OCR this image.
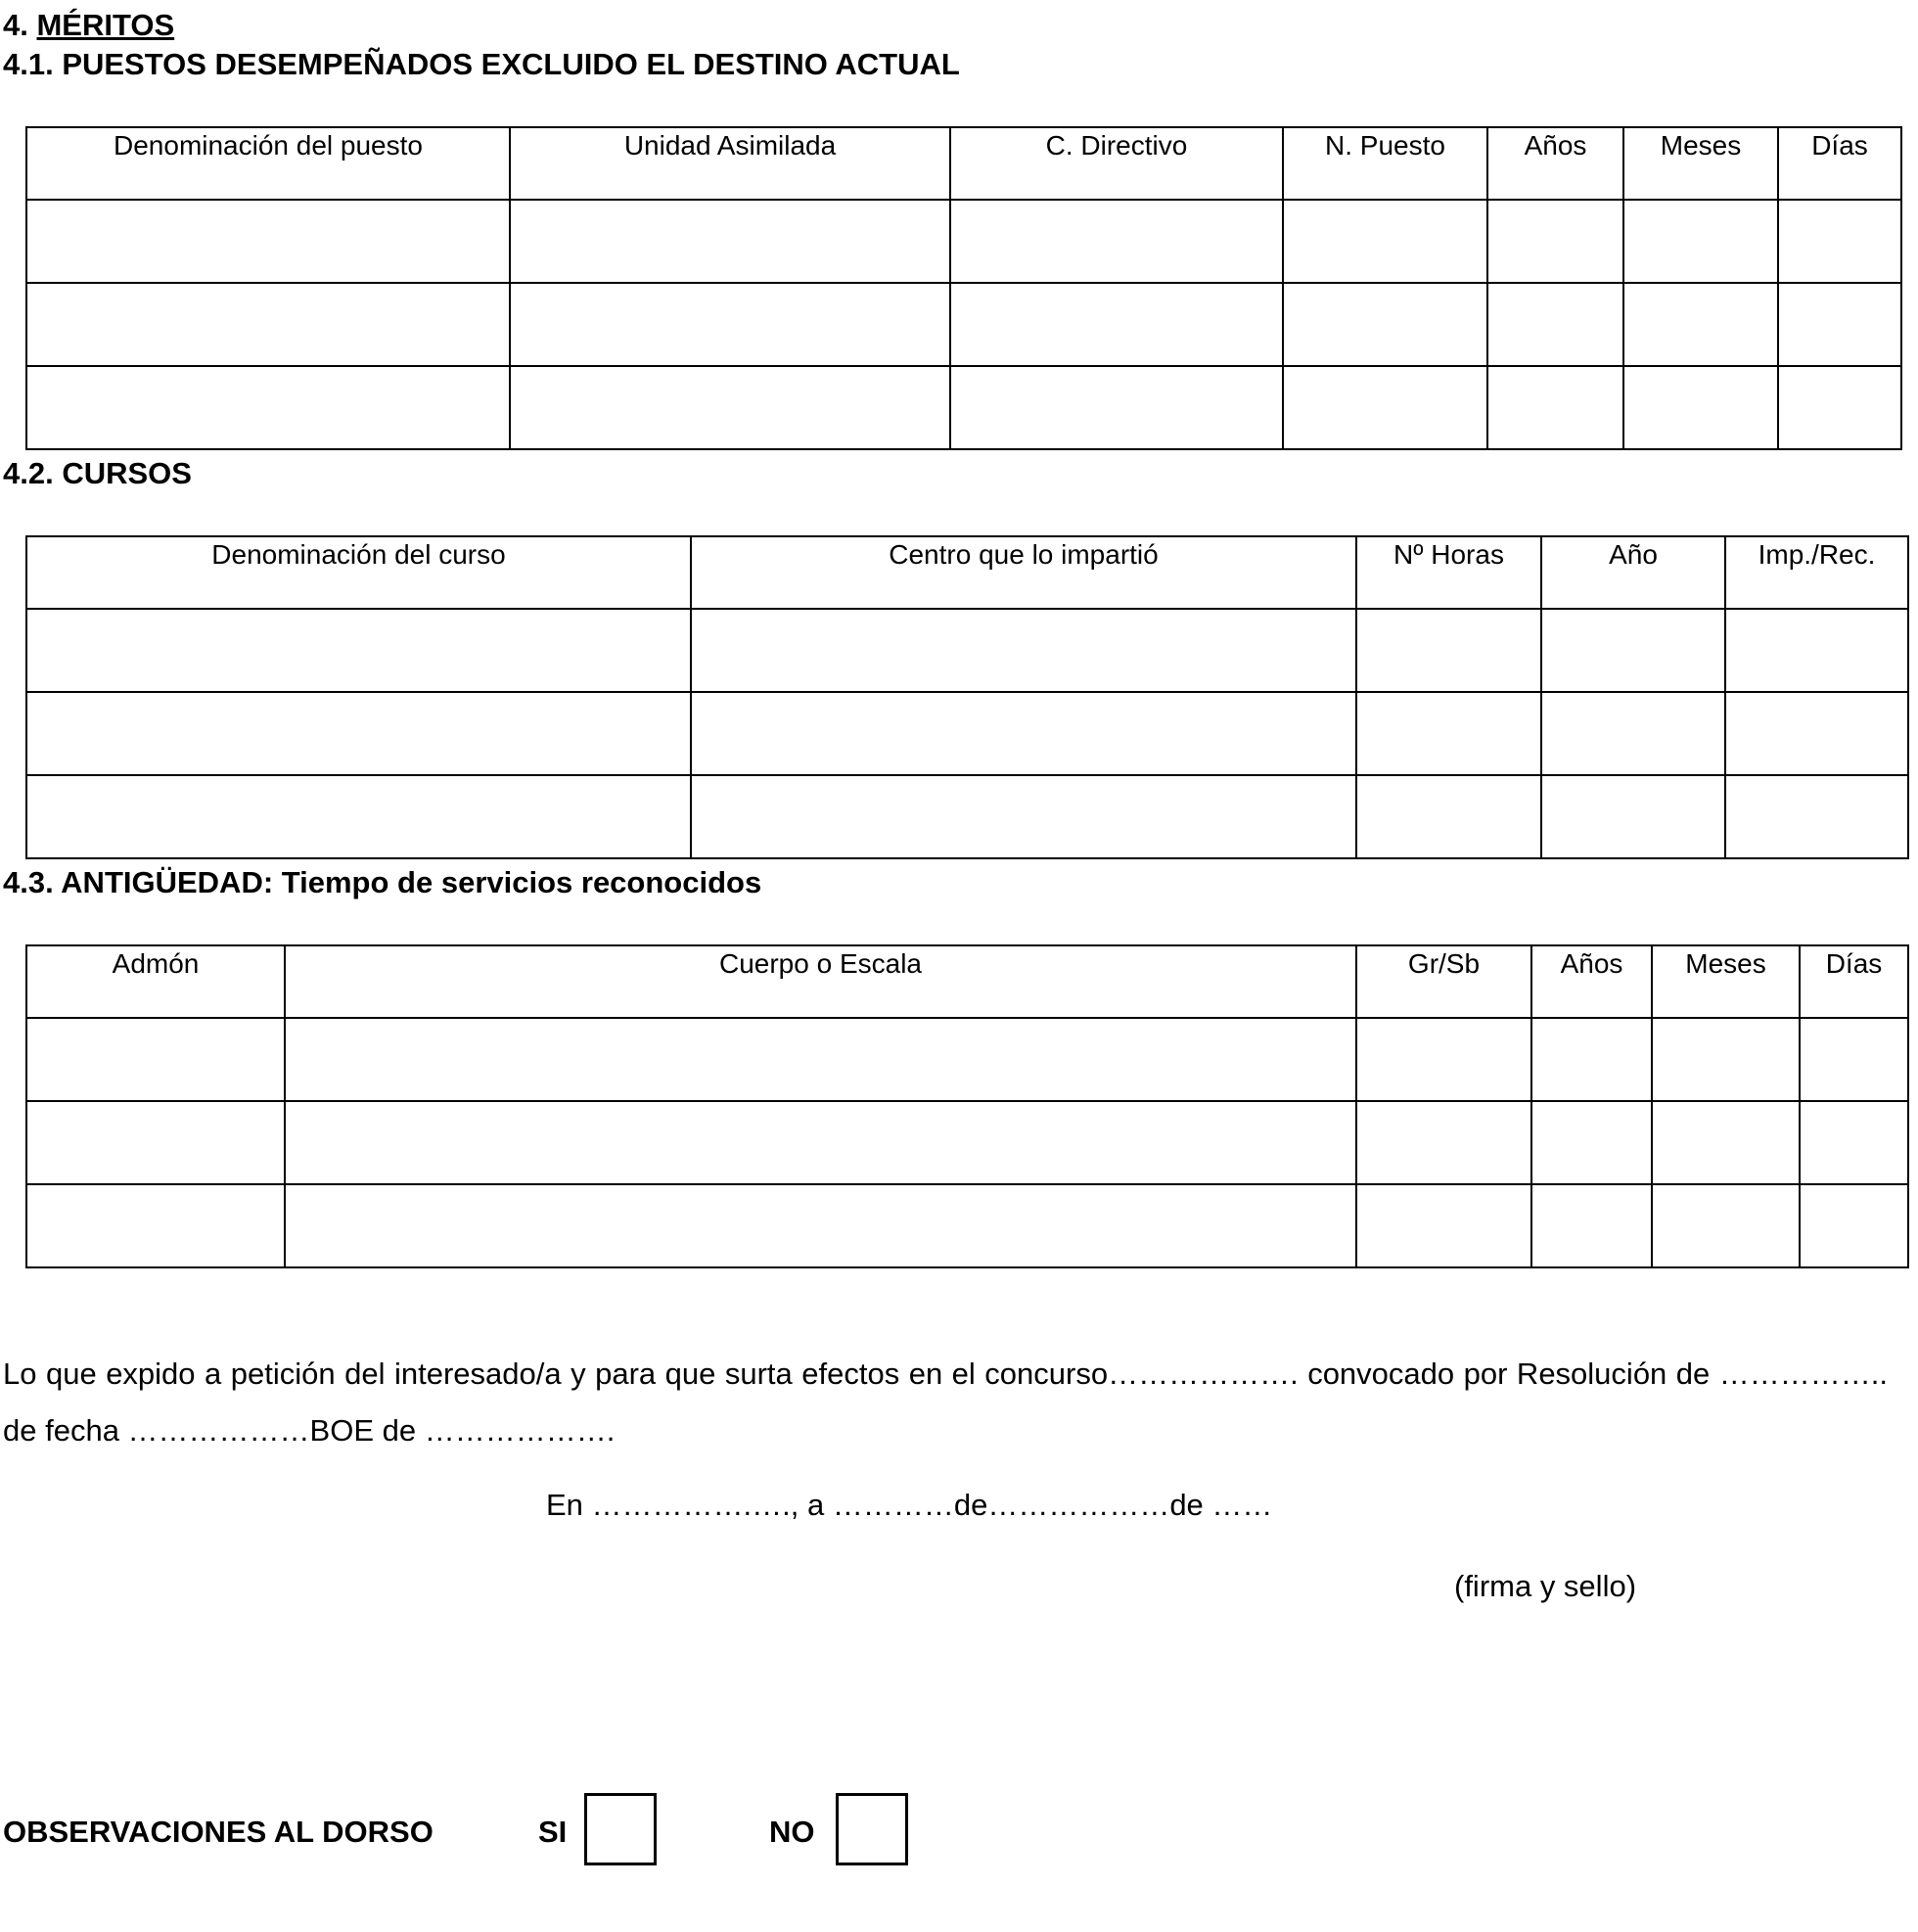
4. MÉRITOS
4.1. PUESTOS DESEMPEÑADOS EXCLUIDO EL DESTINO ACTUAL
Denominación del puesto	Unidad Asimilada	C. Directivo	N. Puesto	Años	Meses	Días

4.2. CURSOS
Denominación del curso	Centro que lo impartió	Nº Horas	Año	Imp./Rec.

4.3. ANTIGÜEDAD: Tiempo de servicios reconocidos
Admón	Cuerpo o Escala	Gr/Sb	Años	Meses	Días

Lo que expido a petición del interesado/a y para que surta efectos en el concurso………………. convocado por Resolución de …………….. de fecha ………………BOE de ……………….
En …………….…., a …………de………………de ……
(firma y sello)
OBSERVACIONES AL DORSO	SI	NO
